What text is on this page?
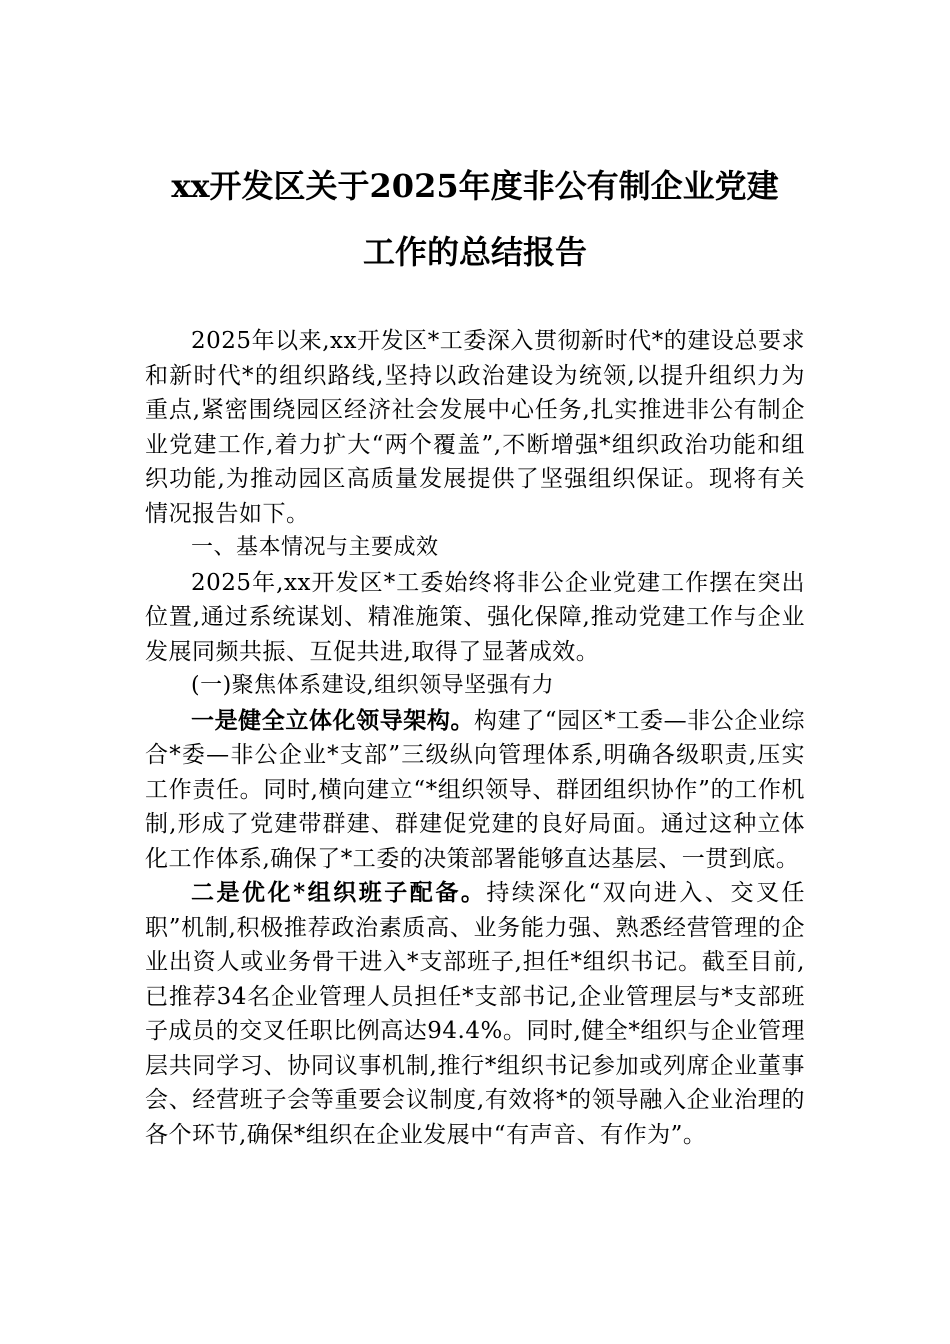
xx开发区关于2025年度非公有制企业党建
工作的总结报告

2025年以来,xx开发区*工委深入贯彻新时代*的建设总要求和新时代*的组织路线,坚持以政治建设为统领,以提升组织力为重点,紧密围绕园区经济社会发展中心任务,扎实推进非公有制企业党建工作,着力扩大“两个覆盖”,不断增强*组织政治功能和组织功能,为推动园区高质量发展提供了坚强组织保证。现将有关情况报告如下。

一、基本情况与主要成效

2025年,xx开发区*工委始终将非公企业党建工作摆在突出位置,通过系统谋划、精准施策、强化保障,推动党建工作与企业发展同频共振、互促共进,取得了显著成效。

(一)聚焦体系建设,组织领导坚强有力

一是健全立体化领导架构。构建了“园区*工委—非公企业综合*委—非公企业*支部”三级纵向管理体系,明确各级职责,压实工作责任。同时,横向建立“*组织领导、群团组织协作”的工作机制,形成了党建带群建、群建促党建的良好局面。通过这种立体化工作体系,确保了*工委的决策部署能够直达基层、一贯到底。

二是优化*组织班子配备。持续深化“双向进入、交叉任职”机制,积极推荐政治素质高、业务能力强、熟悉经营管理的企业出资人或业务骨干进入*支部班子,担任*组织书记。截至目前,已推荐34名企业管理人员担任*支部书记,企业管理层与*支部班子成员的交叉任职比例高达94.4%。同时,健全*组织与企业管理层共同学习、协同议事机制,推行*组织书记参加或列席企业董事会、经营班子会等重要会议制度,有效将*的领导融入企业治理的各个环节,确保*组织在企业发展中“有声音、有作为”。
